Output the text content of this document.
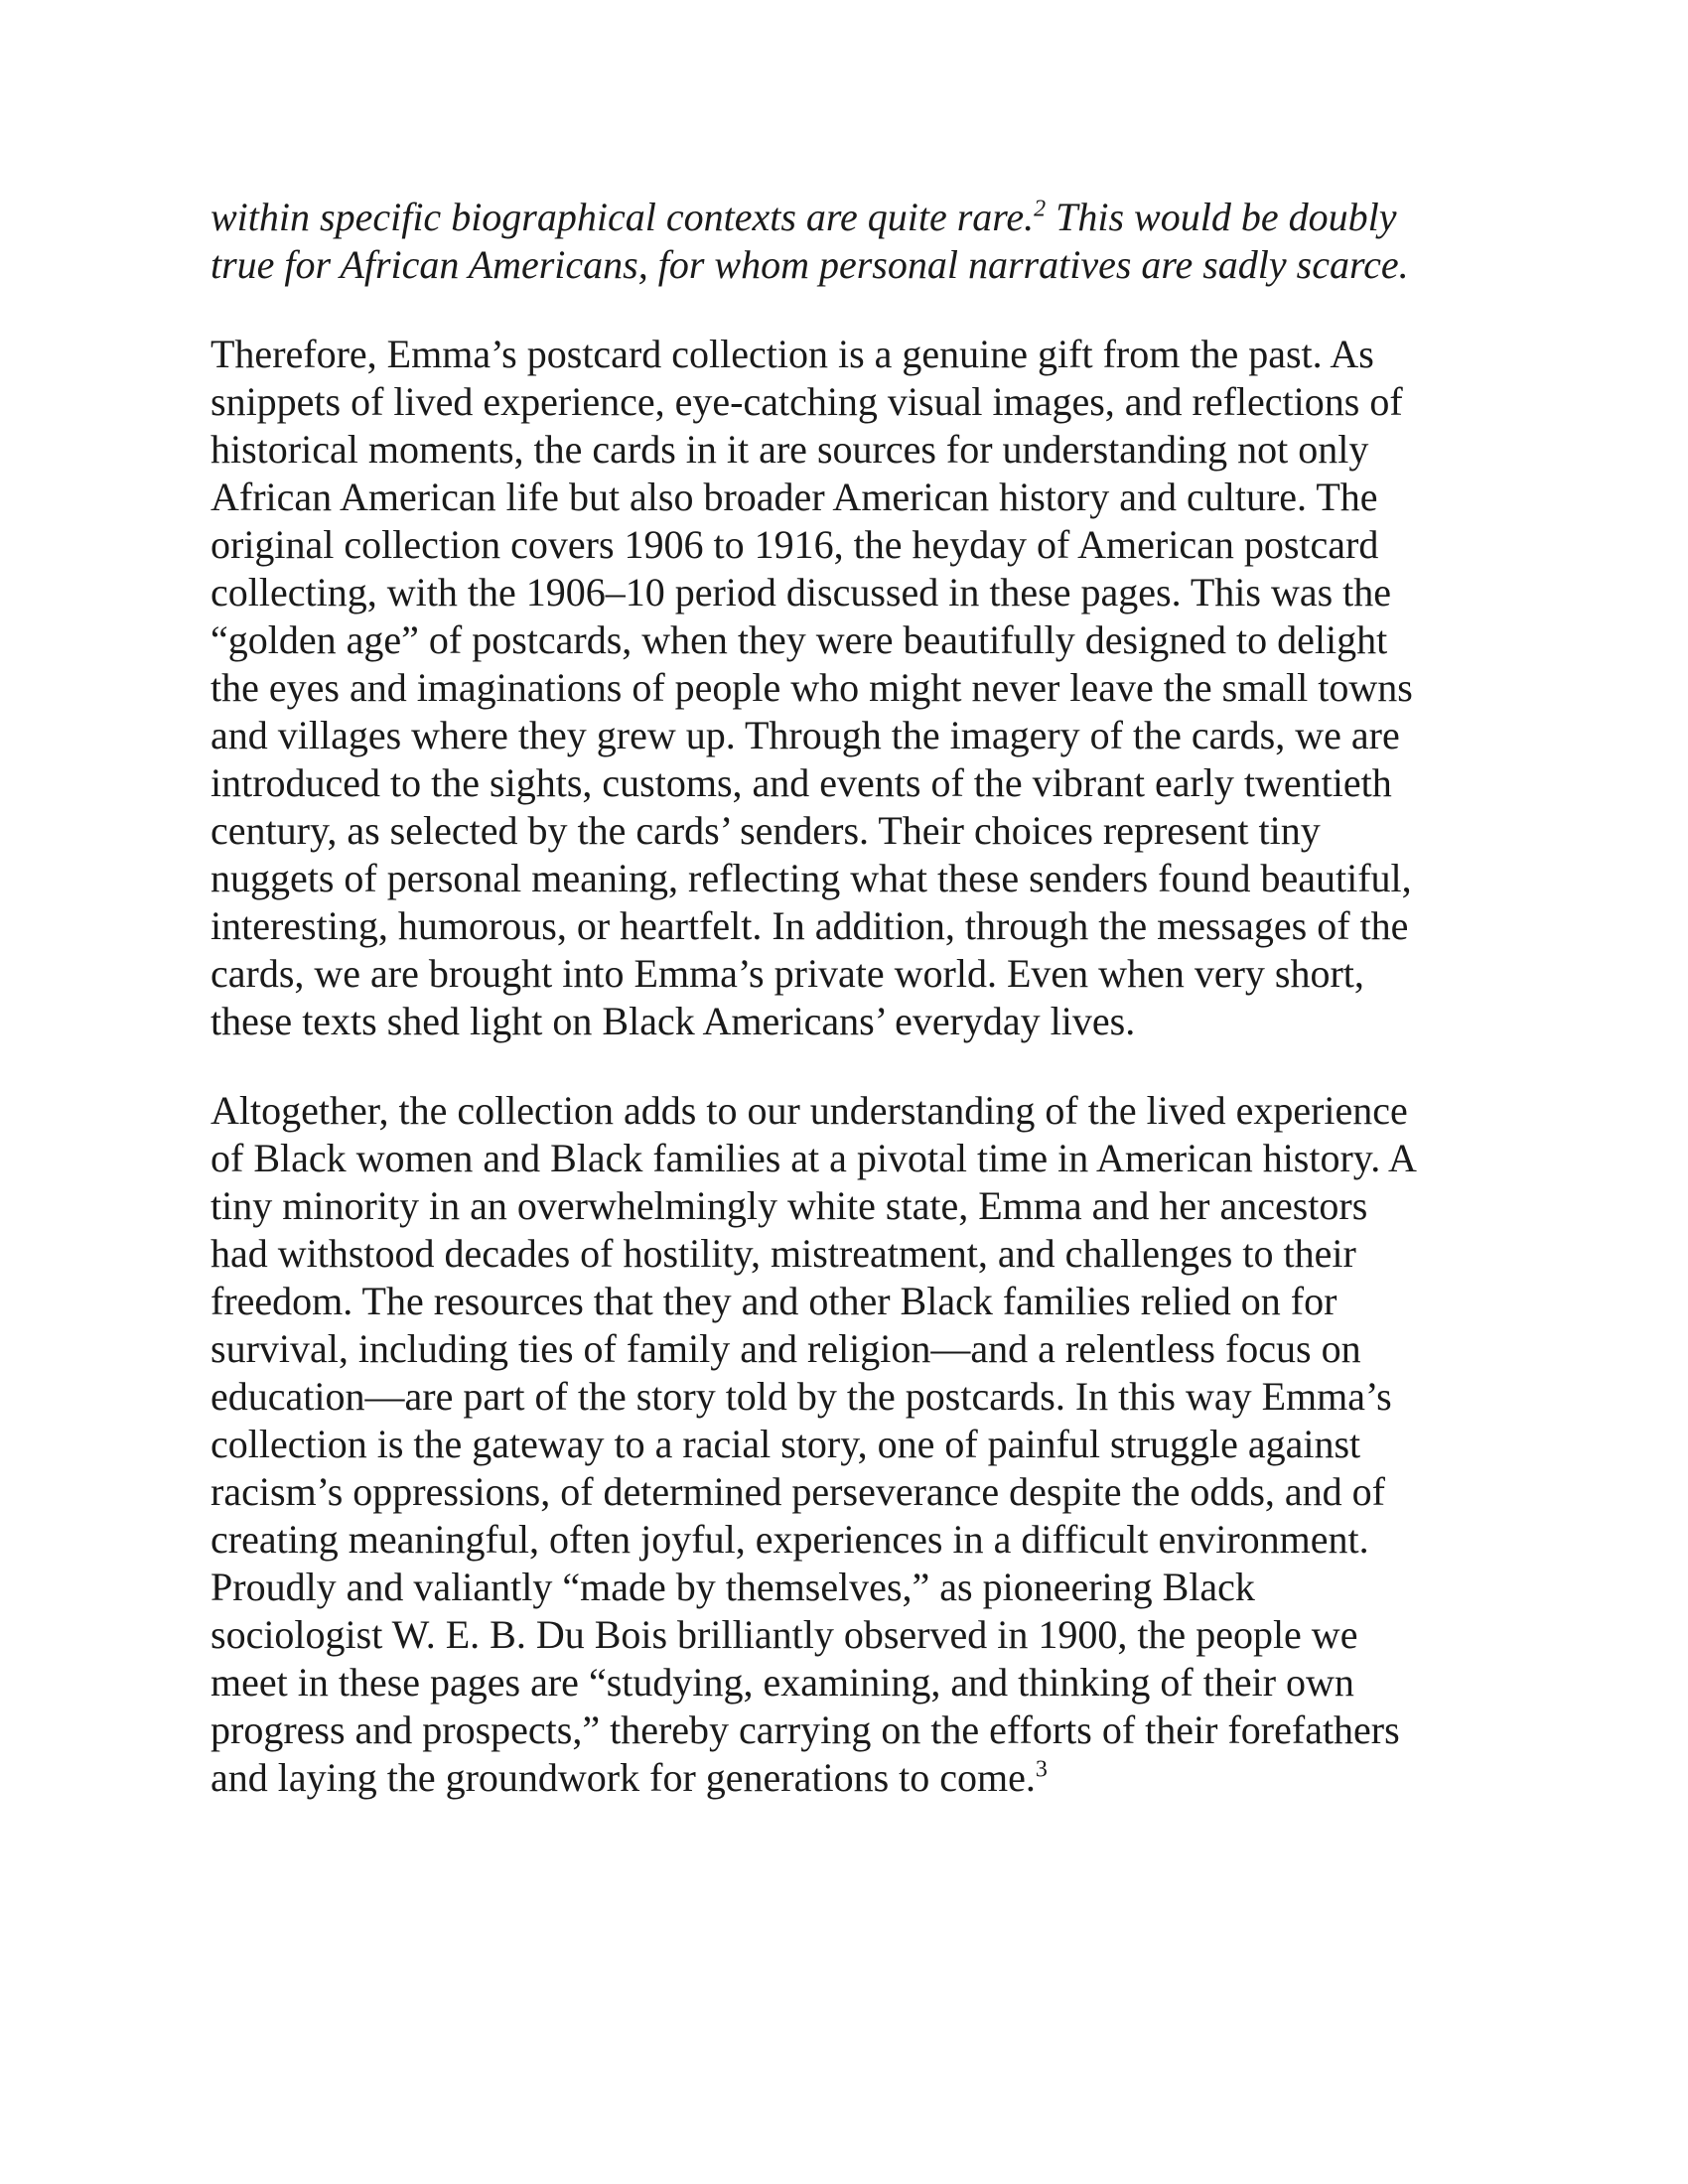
within specific biographical contexts are quite rare.$^2$ This would be doubly
true for African Americans, for whom personal narratives are sadly scarce.

Therefore, Emma’s postcard collection is a genuine gift from the past. As
snippets of lived experience, eye-catching visual images, and reflections of
historical moments, the cards in it are sources for understanding not only
African American life but also broader American history and culture. The
original collection covers 1906 to 1916, the heyday of American postcard
collecting, with the 1906–10 period discussed in these pages. This was the
“golden age” of postcards, when they were beautifully designed to delight
the eyes and imaginations of people who might never leave the small towns
and villages where they grew up. Through the imagery of the cards, we are
introduced to the sights, customs, and events of the vibrant early twentieth
century, as selected by the cards’ senders. Their choices represent tiny
nuggets of personal meaning, reflecting what these senders found beautiful,
interesting, humorous, or heartfelt. In addition, through the messages of the
cards, we are brought into Emma’s private world. Even when very short,
these texts shed light on Black Americans’ everyday lives.

Altogether, the collection adds to our understanding of the lived experience
of Black women and Black families at a pivotal time in American history. A
tiny minority in an overwhelmingly white state, Emma and her ancestors
had withstood decades of hostility, mistreatment, and challenges to their
freedom. The resources that they and other Black families relied on for
survival, including ties of family and religion—and a relentless focus on
education—are part of the story told by the postcards. In this way Emma’s
collection is the gateway to a racial story, one of painful struggle against
racism’s oppressions, of determined perseverance despite the odds, and of
creating meaningful, often joyful, experiences in a difficult environment.
Proudly and valiantly “made by themselves,” as pioneering Black
sociologist W. E. B. Du Bois brilliantly observed in 1900, the people we
meet in these pages are “studying, examining, and thinking of their own
progress and prospects,” thereby carrying on the efforts of their forefathers
and laying the groundwork for generations to come.$^3$
